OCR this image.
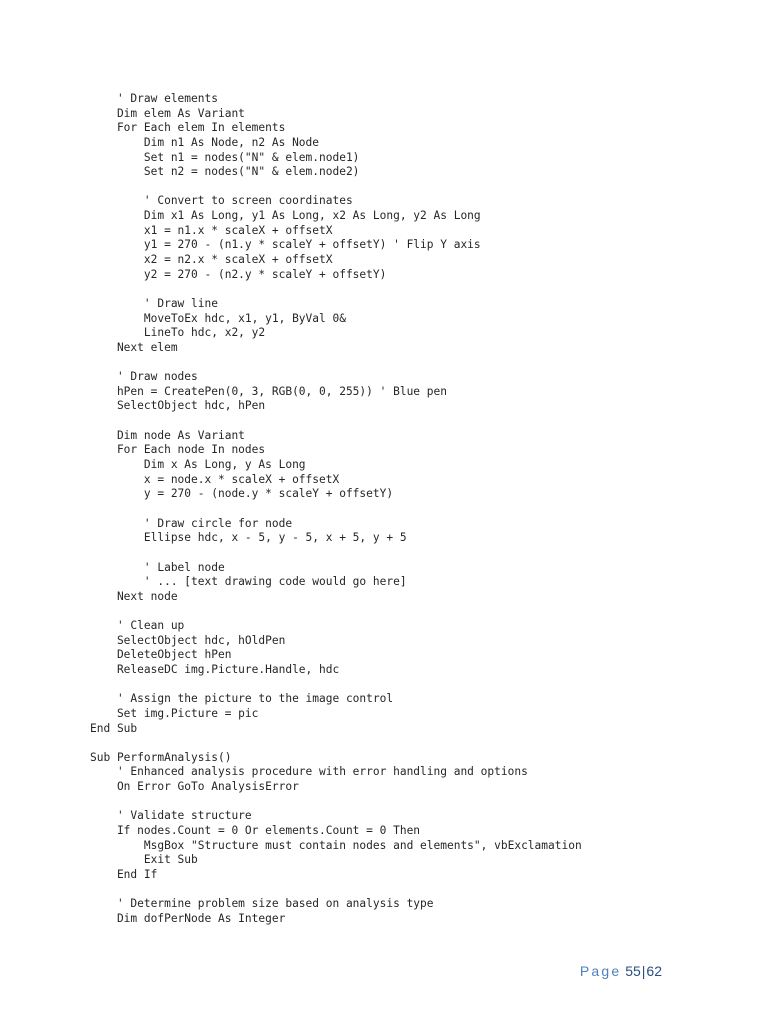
' Draw elements
Dim elem As Variant
For Each elem In elements
Dim n1 As Node, n2 As Node
Set n1 = nodes("N" & elem.node1)
Set n2 = nodes("N" & elem.node2)
' Convert to screen coordinates
Dim x1 As Long, y1 As Long, x2 As Long, y2 As Long
x1 = n1.x * scaleX + offsetX
y1 = 270 - (n1.y * scaleY + offsetY) ' Flip Y axis
x2 = n2.x * scaleX + offsetX
y2 = 270 - (n2.y * scaleY + offsetY)
' Draw line
MoveToEx hdc, x1, y1, ByVal 0&
LineTo hdc, x2, y2
Next elem
' Draw nodes
hPen = CreatePen(0, 3, RGB(0, 0, 255)) ' Blue pen
SelectObject hdc, hPen
Dim node As Variant
For Each node In nodes
Dim x As Long, y As Long
x = node.x * scaleX + offsetX
y = 270 - (node.y * scaleY + offsetY)
' Draw circle for node
Ellipse hdc, x - 5, y - 5, x + 5, y + 5
' Label node
' ... [text drawing code would go here]
Next node
' Clean up
SelectObject hdc, hOldPen
DeleteObject hPen
ReleaseDC img.Picture.Handle, hdc
' Assign the picture to the image control
Set img.Picture = pic
End Sub
Sub PerformAnalysis()
' Enhanced analysis procedure with error handling and options
On Error GoTo AnalysisError
' Validate structure
If nodes.Count = 0 Or elements.Count = 0 Then
MsgBox "Structure must contain nodes and elements", vbExclamation
Exit Sub
End If
' Determine problem size based on analysis type
Dim dofPerNode As Integer
Page 55|62
